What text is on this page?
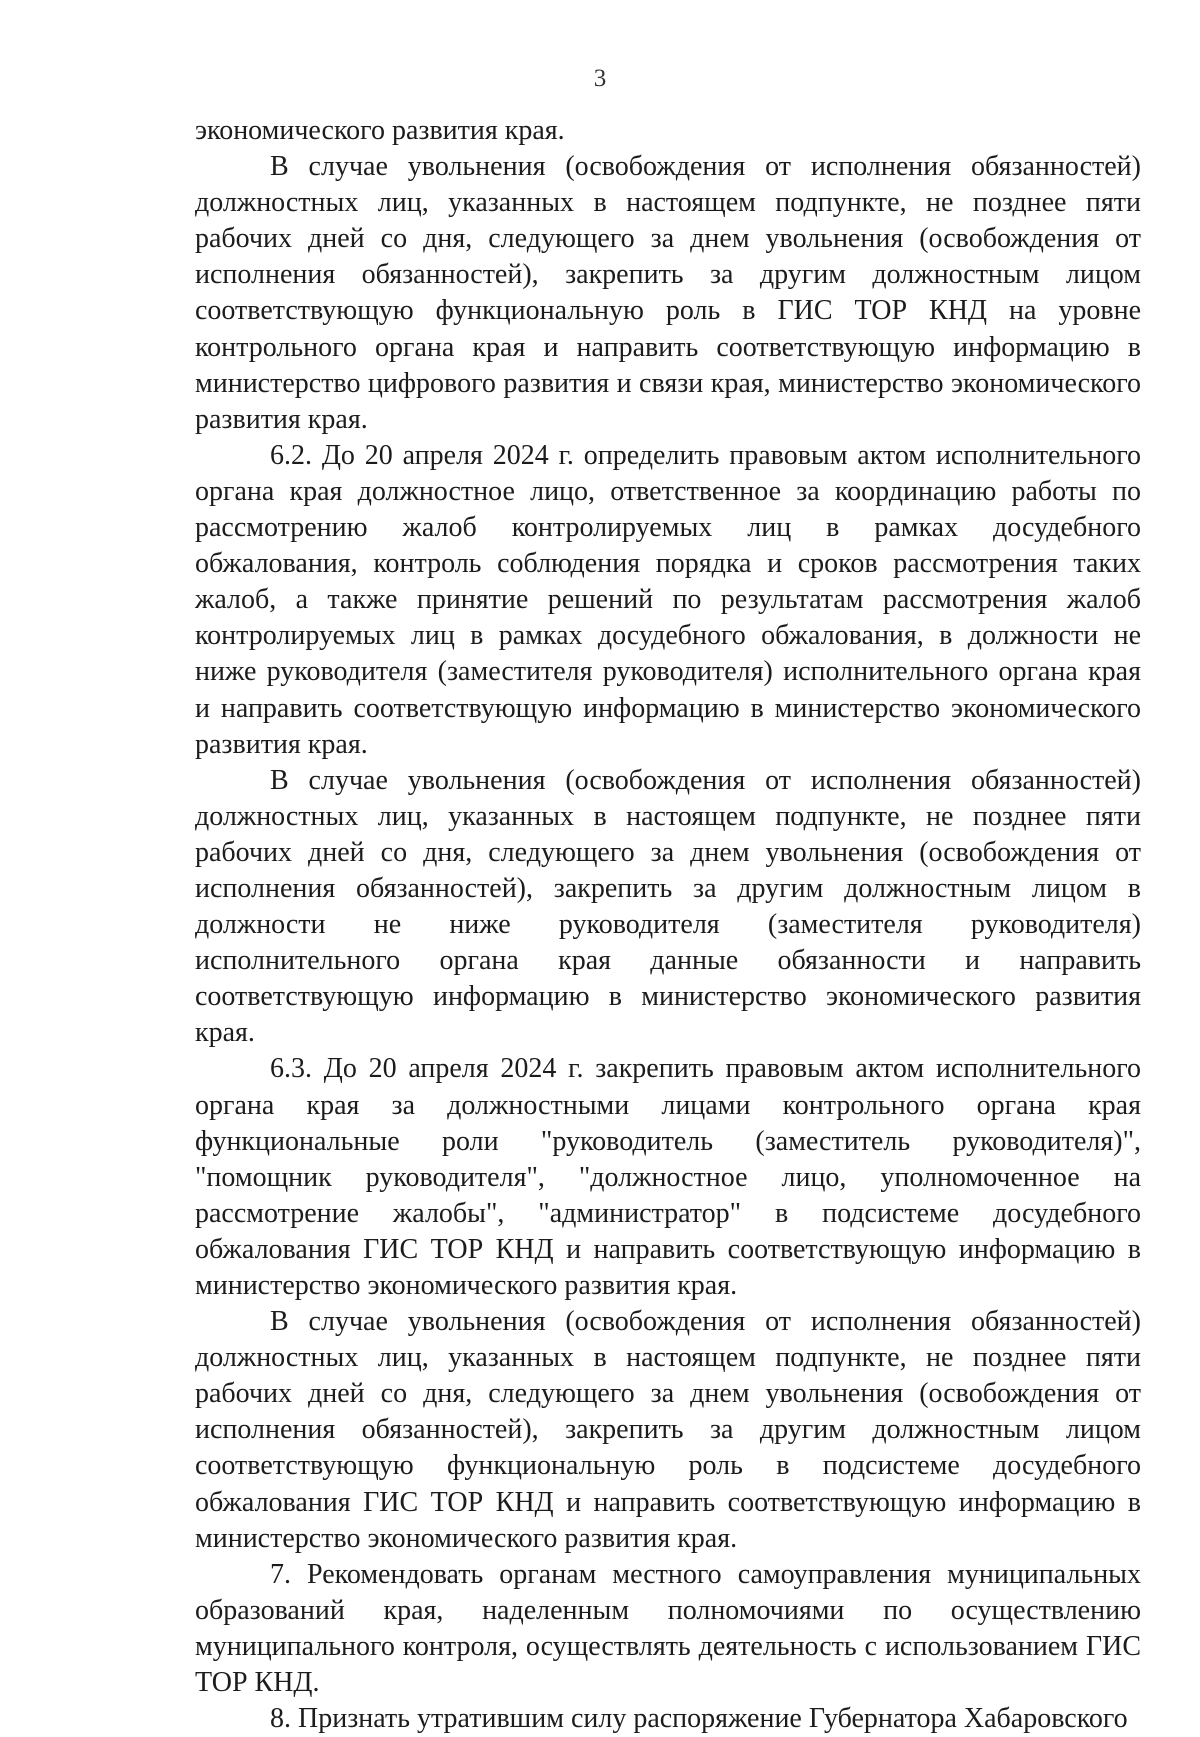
3

экономического развития края.

В случае увольнения (освобождения от исполнения обязанностей) должностных лиц, указанных в настоящем подпункте, не позднее пяти рабочих дней со дня, следующего за днем увольнения (освобождения от исполнения обязанностей), закрепить за другим должностным лицом соответствующую функциональную роль в ГИС ТОР КНД на уровне контрольного органа края и направить соответствующую информацию в министерство цифрового развития и связи края, министерство экономического развития края.

6.2. До 20 апреля 2024 г. определить правовым актом исполнительного органа края должностное лицо, ответственное за координацию работы по рассмотрению жалоб контролируемых лиц в рамках досудебного обжалования, контроль соблюдения порядка и сроков рассмотрения таких жалоб, а также принятие решений по результатам рассмотрения жалоб контролируемых лиц в рамках досудебного обжалования, в должности не ниже руководителя (заместителя руководителя) исполнительного органа края и направить соответствующую информацию в министерство экономического развития края.

В случае увольнения (освобождения от исполнения обязанностей) должностных лиц, указанных в настоящем подпункте, не позднее пяти рабочих дней со дня, следующего за днем увольнения (освобождения от исполнения обязанностей), закрепить за другим должностным лицом в должности не ниже руководителя (заместителя руководителя) исполнительного органа края данные обязанности и направить соответствующую информацию в министерство экономического развития края.

6.3. До 20 апреля 2024 г. закрепить правовым актом исполнительного органа края за должностными лицами контрольного органа края функциональные роли "руководитель (заместитель руководителя)", "помощник руководителя", "должностное лицо, уполномоченное на рассмотрение жалобы", "администратор" в подсистеме досудебного обжалования ГИС ТОР КНД и направить соответствующую информацию в министерство экономического развития края.

В случае увольнения (освобождения от исполнения обязанностей) должностных лиц, указанных в настоящем подпункте, не позднее пяти рабочих дней со дня, следующего за днем увольнения (освобождения от исполнения обязанностей), закрепить за другим должностным лицом соответствующую функциональную роль в подсистеме досудебного обжалования ГИС ТОР КНД и направить соответствующую информацию в министерство экономического развития края.

7. Рекомендовать органам местного самоуправления муниципальных образований края, наделенным полномочиями по осуществлению муниципального контроля, осуществлять деятельность с использованием ГИС ТОР КНД.

8. Признать утратившим силу распоряжение Губернатора Хабаровского
